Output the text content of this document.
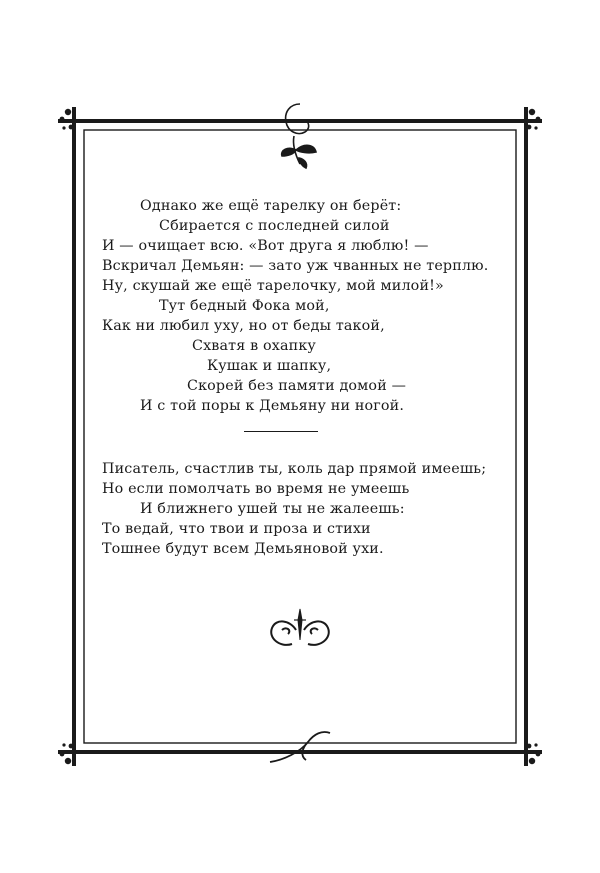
Однако же ещё тарелку он берёт:
Сбирается с последней силой
И — очищает всю. «Вот друга я люблю! —
Вскричал Демьян: — зато уж чванных не терплю.
Ну, скушай же ещё тарелочку, мой милой!»
Тут бедный Фока мой,
Как ни любил уху, но от беды такой,
Схватя в охапку
Кушак и шапку,
Скорей без памяти домой —
И с той поры к Демьяну ни ногой.
Писатель, счастлив ты, коль дар прямой имеешь;
Но если помолчать во время не умеешь
И ближнего ушей ты не жалеешь:
То ведай, что твои и проза и стихи
Тошнее будут всем Демьяновой ухи.
